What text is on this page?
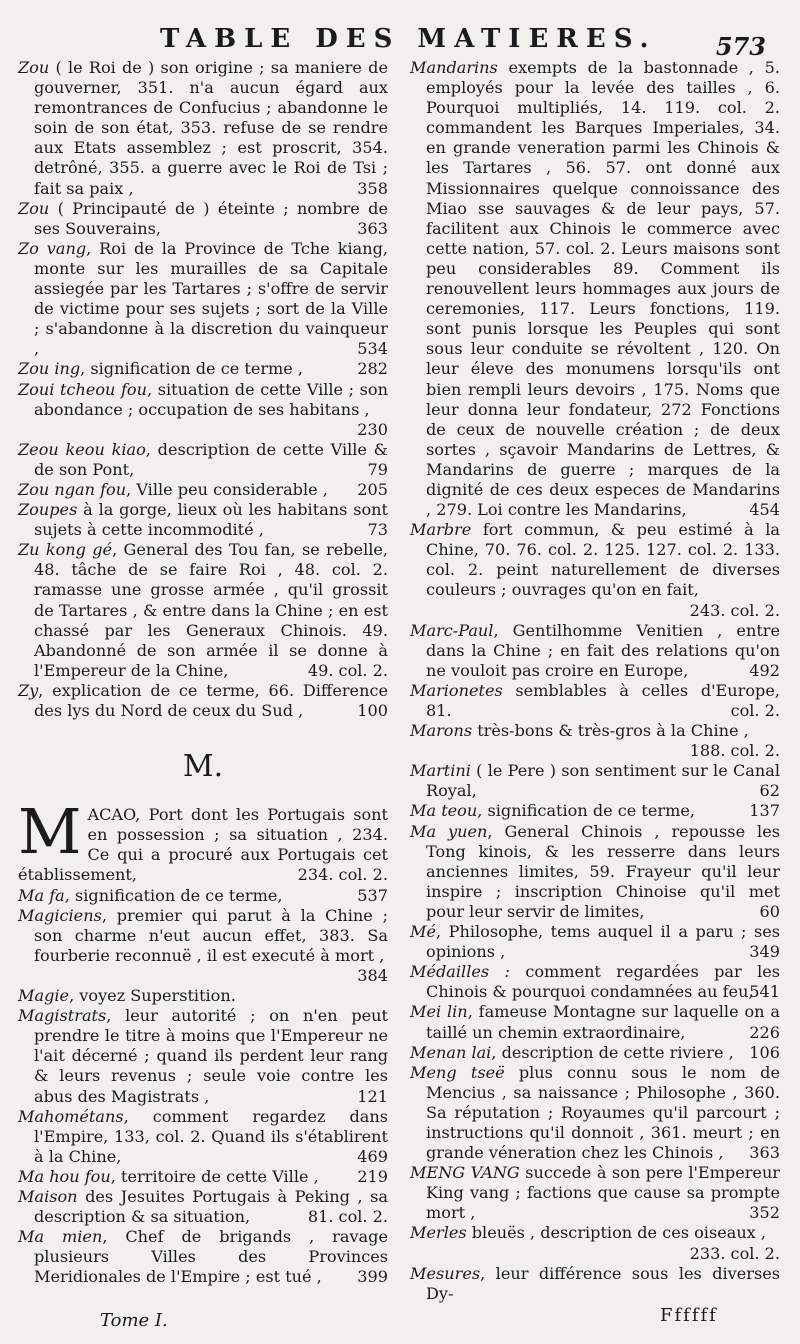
TABLE DES MATIERES. 573

Zou ( le Roi de ) son origine ; sa maniere de gouverner, 351. n'a aucun égard aux remontrances de Confucius ; abandonne le soin de son état, 353. refuse de se rendre aux Etats assemblez ; est proscrit, 354. detrôné, 355. a guerre avec le Roi de Tsi ; fait sa paix ,	358

Zou ( Principauté de ) éteinte ; nombre de ses Souverains,	363

Zo vang, Roi de la Province de Tche kiang, monte sur les murailles de sa Capitale assiegée par les Tartares ; s'offre de servir de victime pour ses sujets ; sort de la Ville ; s'abandonne à la discretion du vainqueur ,	534

Zou ing, signification de ce terme ,	282

Zoui tcheou fou, situation de cette Ville ; son abondance ; occupation de ses habitans ,
230

Zeou keou kiao, description de cette Ville & de son Pont,	79

Zou ngan fou, Ville peu considerable , 205

Zoupes à la gorge, lieux où les habitans sont sujets à cette incommodité ,	73

Zu kong gé, General des Tou fan, se rebelle, 48. tâche de se faire Roi , 48. col. 2. ramasse une grosse armée , qu'il grossit de Tartares , & entre dans la Chine ; en est chassé par les Generaux Chinois. 49. Abandonné de son armée il se donne à l'Empereur de la Chine,	49. col. 2.

Zy, explication de ce terme, 66. Difference des lys du Nord de ceux du Sud ,	100

M.

MACAO, Port dont les Portugais sont en possession ; sa situation , 234. Ce qui a procuré aux Portugais cet établissement,	234. col. 2.

Ma fa, signification de ce terme,	537

Magiciens, premier qui parut à la Chine ; son charme n'eut aucun effet, 383. Sa fourberie reconnuë , il est executé à mort ,
384

Magie, voyez Superstition.

Magistrats, leur autorité ; on n'en peut prendre le titre à moins que l'Empereur ne l'ait décerné ; quand ils perdent leur rang & leurs revenus ; seule voie contre les abus des Magistrats ,	121

Mahométans, comment regardez dans l'Empire, 133, col. 2. Quand ils s'établirent à la Chine,	469

Ma hou fou, territoire de cette Ville , 219

Maison des Jesuites Portugais à Peking , sa description & sa situation,	81. col. 2.

Ma mien, Chef de brigands , ravage plusieurs Villes des Provinces Meridionales de l'Empire ; est tué , 399

Mandarins exempts de la bastonnade , 5. employés pour la levée des tailles , 6. Pourquoi multipliés, 14. 119. col. 2. commandent les Barques Imperiales, 34. en grande veneration parmi les Chinois & les Tartares , 56. 57. ont donné aux Missionnaires quelque connoissance des Miao sse sauvages & de leur pays, 57. facilitent aux Chinois le commerce avec cette nation, 57. col. 2. Leurs maisons sont peu considerables 89. Comment ils renouvellent leurs hommages aux jours de ceremonies, 117. Leurs fonctions, 119. sont punis lorsque les Peuples qui sont sous leur conduite se révoltent , 120. On leur éleve des monumens lorsqu'ils ont bien rempli leurs devoirs , 175. Noms que leur donna leur fondateur, 272 Fonctions de ceux de nouvelle création ; de deux sortes , sçavoir Mandarins de Lettres, & Mandarins de guerre ; marques de la dignité de ces deux especes de Mandarins , 279. Loi contre les Mandarins,	454

Marbre fort commun, & peu estimé à la Chine, 70. 76. col. 2. 125. 127. col. 2. 133. col. 2. peint naturellement de diverses couleurs ; ouvrages qu'on en fait,
243. col. 2.

Marc-Paul, Gentilhomme Venitien , entre dans la Chine ; en fait des relations qu'on ne vouloit pas croire en Europe,	492

Marionetes semblables à celles d'Europe, 81.	col. 2.

Marons très-bons & très-gros à la Chine ,
188. col. 2.

Martini ( le Pere ) son sentiment sur le Canal Royal,	62

Ma teou, signification de ce terme,	137

Ma yuen, General Chinois , repousse les Tong kinois, & les resserre dans leurs anciennes limites, 59. Frayeur qu'il leur inspire ; inscription Chinoise qu'il met pour leur servir de limites,	60

Mé, Philosophe, tems auquel il a paru ; ses opinions ,	349

Médailles : comment regardées par les Chinois & pourquoi condamnées au feu,
541

Mei lin, fameuse Montagne sur laquelle on a taillé un chemin extraordinaire,	226

Menan lai, description de cette riviere , 106

Meng tseë plus connu sous le nom de Mencius , sa naissance ; Philosophe , 360. Sa réputation ; Royaumes qu'il parcourt ; instructions qu'il donnoit , 361. meurt ; en grande véneration chez les Chinois , 363

MENG VANG succede à son pere l'Empereur King vang ; factions que cause sa prompte mort ,	352

Merles bleuës , description de ces oiseaux ,
233. col. 2.

Mesures, leur différence sous les diverses Dy-

Tome I.	Ffffff
